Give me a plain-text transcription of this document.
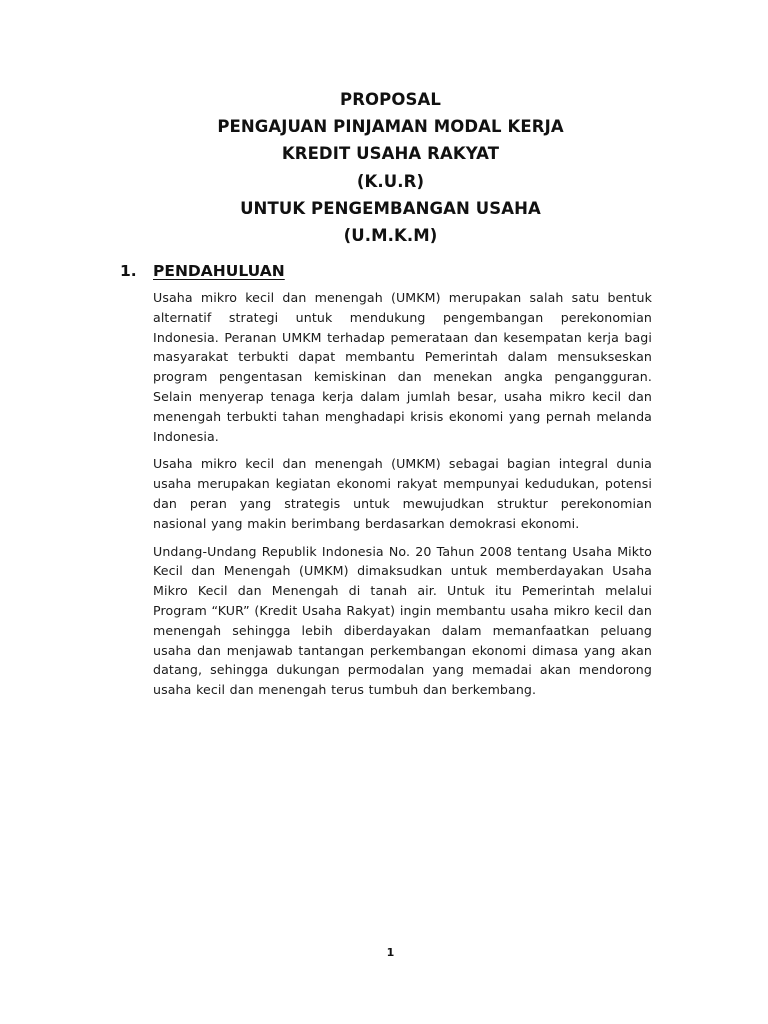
PROPOSAL
PENGAJUAN PINJAMAN MODAL KERJA
KREDIT USAHA RAKYAT
(K.U.R)
UNTUK PENGEMBANGAN USAHA
(U.M.K.M)
1. PENDAHULUAN

Usaha mikro kecil dan menengah (UMKM) merupakan salah satu bentuk alternatif strategi untuk mendukung pengembangan perekonomian Indonesia. Peranan UMKM terhadap pemerataan dan kesempatan kerja bagi masyarakat terbukti dapat membantu Pemerintah dalam mensukseskan program pengentasan kemiskinan dan menekan angka pengangguran. Selain menyerap tenaga kerja dalam jumlah besar, usaha mikro kecil dan menengah terbukti tahan menghadapi krisis ekonomi yang pernah melanda Indonesia.

Usaha mikro kecil dan menengah (UMKM) sebagai bagian integral dunia usaha merupakan kegiatan ekonomi rakyat mempunyai kedudukan, potensi dan peran yang strategis untuk mewujudkan struktur perekonomian nasional yang makin berimbang berdasarkan demokrasi ekonomi.

Undang-Undang Republik Indonesia No. 20 Tahun 2008 tentang Usaha Mikto Kecil dan Menengah (UMKM) dimaksudkan untuk memberdayakan Usaha Mikro Kecil dan Menengah di tanah air. Untuk itu Pemerintah melalui Program “KUR” (Kredit Usaha Rakyat) ingin membantu usaha mikro kecil dan menengah sehingga lebih diberdayakan dalam memanfaatkan peluang usaha dan menjawab tantangan perkembangan ekonomi dimasa yang akan datang, sehingga dukungan permodalan yang memadai akan mendorong usaha kecil dan menengah terus tumbuh dan berkembang.

1
